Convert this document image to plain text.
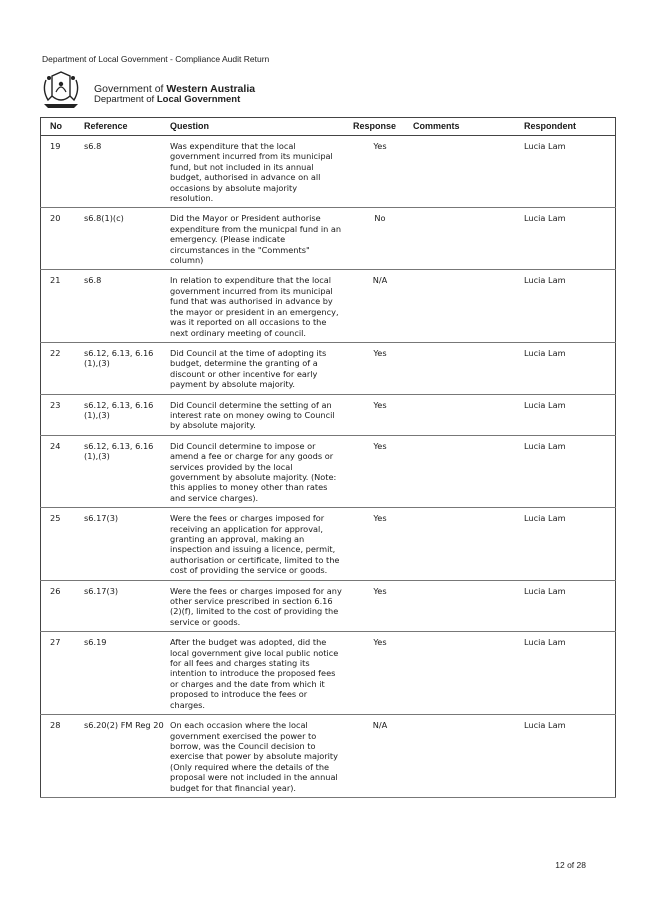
Department of Local Government - Compliance Audit Return
Government of Western Australia
Department of Local Government
No	Reference	Question	Response	Comments	Respondent
19	s6.8	Was expenditure that the local government incurred from its municipal fund, but not included in its annual budget, authorised in advance on all occasions by absolute majority resolution.	Yes		Lucia Lam
20	s6.8(1)(c)	Did the Mayor or President authorise expenditure from the municpal fund in an emergency. (Please indicate circumstances in the "Comments" column)	No		Lucia Lam
21	s6.8	In relation to expenditure that the local government incurred from its municipal fund that was authorised in advance by the mayor or president in an emergency, was it reported on all occasions to the next ordinary meeting of council.	N/A		Lucia Lam
22	s6.12, 6.13, 6.16 (1),(3)	Did Council at the time of adopting its budget, determine the granting of a discount or other incentive for early payment by absolute majority.	Yes		Lucia Lam
23	s6.12, 6.13, 6.16 (1),(3)	Did Council determine the setting of an interest rate on money owing to Council by absolute majority.	Yes		Lucia Lam
24	s6.12, 6.13, 6.16 (1),(3)	Did Council determine to impose or amend a fee or charge for any goods or services provided by the local government by absolute majority. (Note: this applies to money other than rates and service charges).	Yes		Lucia Lam
25	s6.17(3)	Were the fees or charges imposed for receiving an application for approval, granting an approval, making an inspection and issuing a licence, permit, authorisation or certificate, limited to the cost of providing the service or goods.	Yes		Lucia Lam
26	s6.17(3)	Were the fees or charges imposed for any other service prescribed in section 6.16 (2)(f), limited to the cost of providing the service or goods.	Yes		Lucia Lam
27	s6.19	After the budget was adopted, did the local government give local public notice for all fees and charges stating its intention to introduce the proposed fees or charges and the date from which it proposed to introduce the fees or charges.	Yes		Lucia Lam
28	s6.20(2) FM Reg 20	On each occasion where the local government exercised the power to borrow, was the Council decision to exercise that power by absolute majority (Only required where the details of the proposal were not included in the annual budget for that financial year).	N/A		Lucia Lam
12 of 28
